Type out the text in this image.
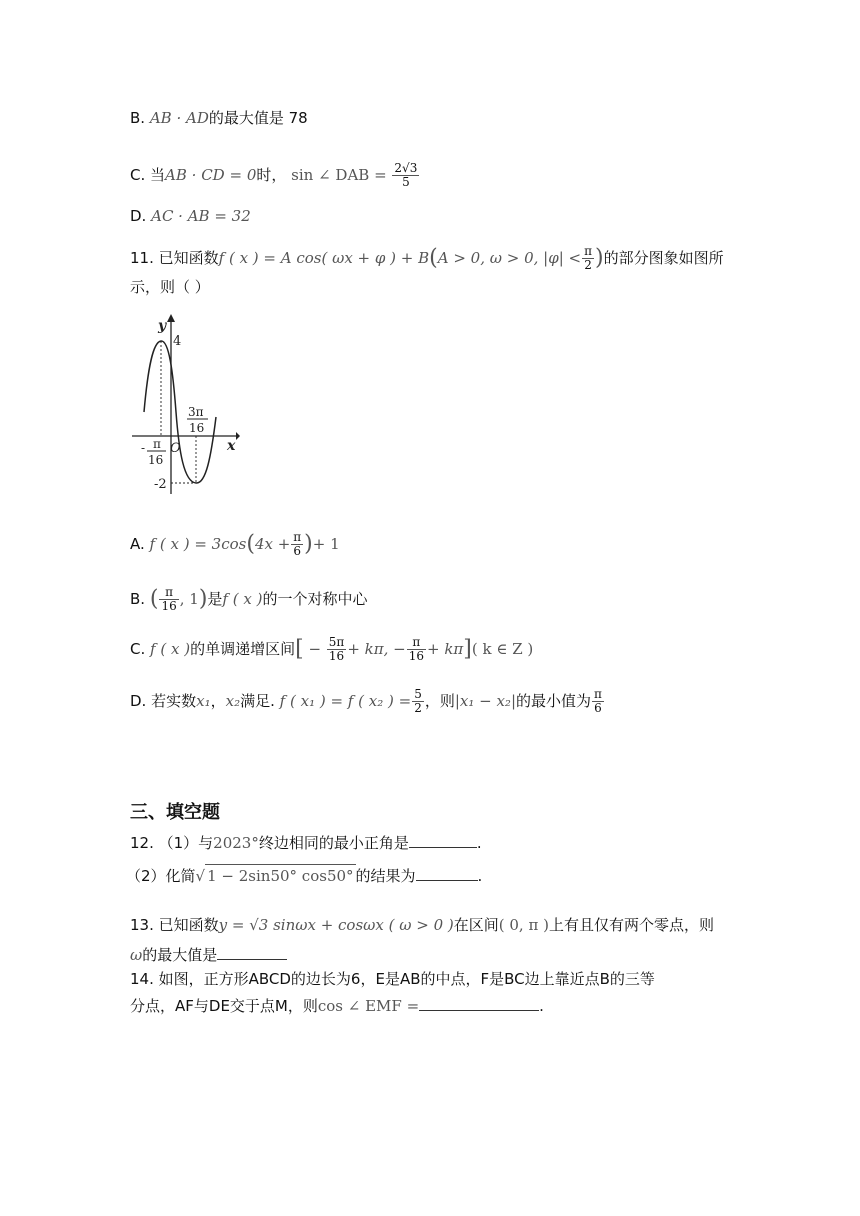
B. AB · AD的最大值是 78
C. 当AB · CD = 0时， sin ∠ DAB = $\frac{2√3}{5}$
D. AC · AB = 32
11. 已知函数f ( x ) = A cos( ωx + φ ) + B(A > 0, ω > 0, $|\varphi| < \frac{\pi}{2}$ )的部分图象如图所
示，则（ ）
y
x
O
4
-2
- π
16
3π
16
A. f ( x ) = $3\cos(4x + \frac{\pi}{6}$ )+ 1
B. ( $\frac{\pi}{16}$ , 1)是f ( x )的一个对称中心
C. f ( x )的单调递增区间[ − $\frac{5\pi}{16} + k\pi$, − $\frac{\pi}{16} + k\pi$]( k ∈ Z )
D. 若实数x₁，x₂满足. f ( x₁ ) = f ( x₂ ) = $\frac{5}{2}$ ，则|x₁ − x₂|的最小值为 $\frac{\pi}{6}$
三、填空题
12. （1）与2023°终边相同的最小正角是	.
（2）化简√ 1 − 2sin50° cos50° 的结果为	.
13. 已知函数y = √3 sinωx + cosωx ( ω > 0 )在区间( 0, π )上有且仅有两个零点，则
ω的最大值是
14. 如图，正方形ABCD的边长为6，E是AB的中点，F是BC边上靠近点B的三等
分点，AF与DE交于点M，则cos ∠ EMF =	.
